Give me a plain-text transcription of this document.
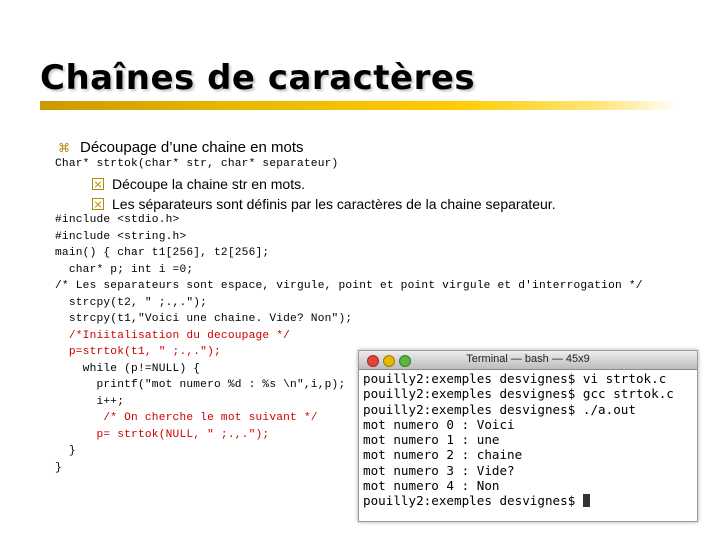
Chaînes de caractères
⌘ Découpage d’une chaine en mots
Char* strtok(char* str, char* separateur)
Découpe la chaine str en mots.
Les séparateurs sont définis par les caractères de la chaine separateur.
#include <stdio.h>
#include <string.h>
main() { char t1[256], t2[256];
char* p; int i =0;
/* Les separateurs sont espace, virgule, point et point virgule et d'interrogation */
strcpy(t2, " ;.,.");
strcpy(t1,"Voici une chaine. Vide? Non");
/*Iniitalisation du decoupage */
p=strtok(t1, " ;.,.");
while (p!=NULL) {
printf("mot numero %d : %s \n",i,p);
i++;
/* On cherche le mot suivant */
p= strtok(NULL, " ;.,.");
}
}
Terminal — bash — 45x9
pouilly2:exemples desvignes$ vi strtok.c
pouilly2:exemples desvignes$ gcc strtok.c
pouilly2:exemples desvignes$ ./a.out
mot numero 0 : Voici
mot numero 1 : une
mot numero 2 : chaine
mot numero 3 : Vide?
mot numero 4 : Non
pouilly2:exemples desvignes$
